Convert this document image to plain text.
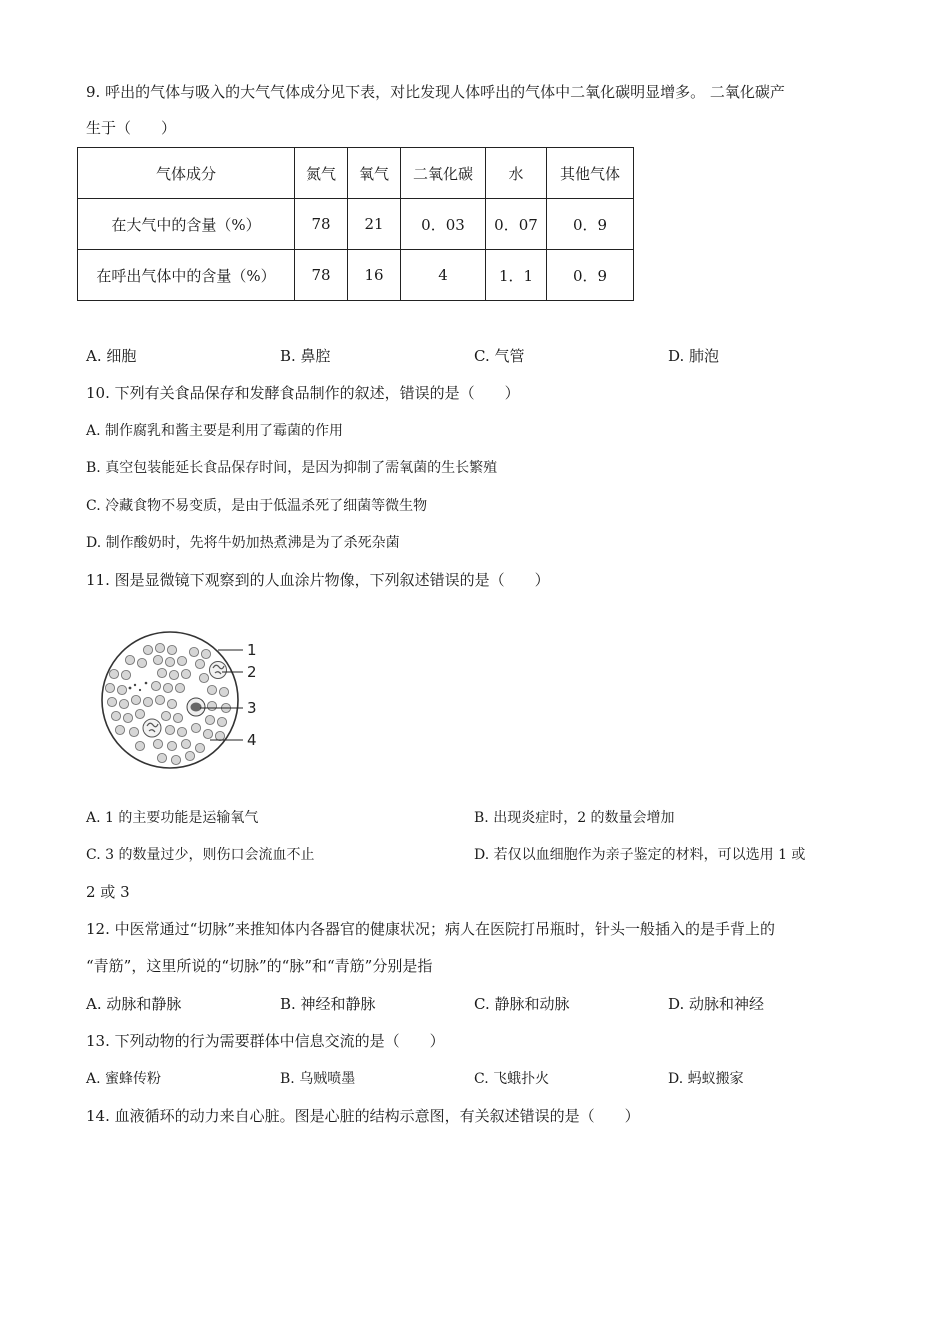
9. 呼出的气体与吸入的大气气体成分见下表，对比发现人体呼出的气体中二氧化碳明显增多。 二氧化碳产
生于（　　）
气体成分	氮气	氧气	二氧化碳	水	其他气体
在大气中的含量（%）	78	21	0．03	0．07	0．9
在呼出气体中的含量（%）	78	16	4	1．1	0．9
A. 细胞	B. 鼻腔	C. 气管	D. 肺泡
10. 下列有关食品保存和发酵食品制作的叙述，错误的是（　　）
A. 制作腐乳和酱主要是利用了霉菌的作用
B. 真空包装能延长食品保存时间，是因为抑制了需氧菌的生长繁殖
C. 冷藏食物不易变质，是由于低温杀死了细菌等微生物
D. 制作酸奶时，先将牛奶加热煮沸是为了杀死杂菌
11. 图是显微镜下观察到的人血涂片物像，下列叙述错误的是（　　）
1
2
3
4
A. 1 的主要功能是运输氧气	B. 出现炎症时，2 的数量会增加
C. 3 的数量过少，则伤口会流血不止	D. 若仅以血细胞作为亲子鉴定的材料，可以选用 1 或
2 或 3
12. 中医常通过“切脉”来推知体内各器官的健康状况；病人在医院打吊瓶时，针头一般插入的是手背上的
“青筋”，这里所说的“切脉”的“脉”和“青筋”分别是指
A. 动脉和静脉	B. 神经和静脉	C. 静脉和动脉	D. 动脉和神经
13. 下列动物的行为需要群体中信息交流的是（　　）
A. 蜜蜂传粉	B. 乌贼喷墨	C. 飞蛾扑火	D. 蚂蚁搬家
14. 血液循环的动力来自心脏。图是心脏的结构示意图，有关叙述错误的是（　　）
